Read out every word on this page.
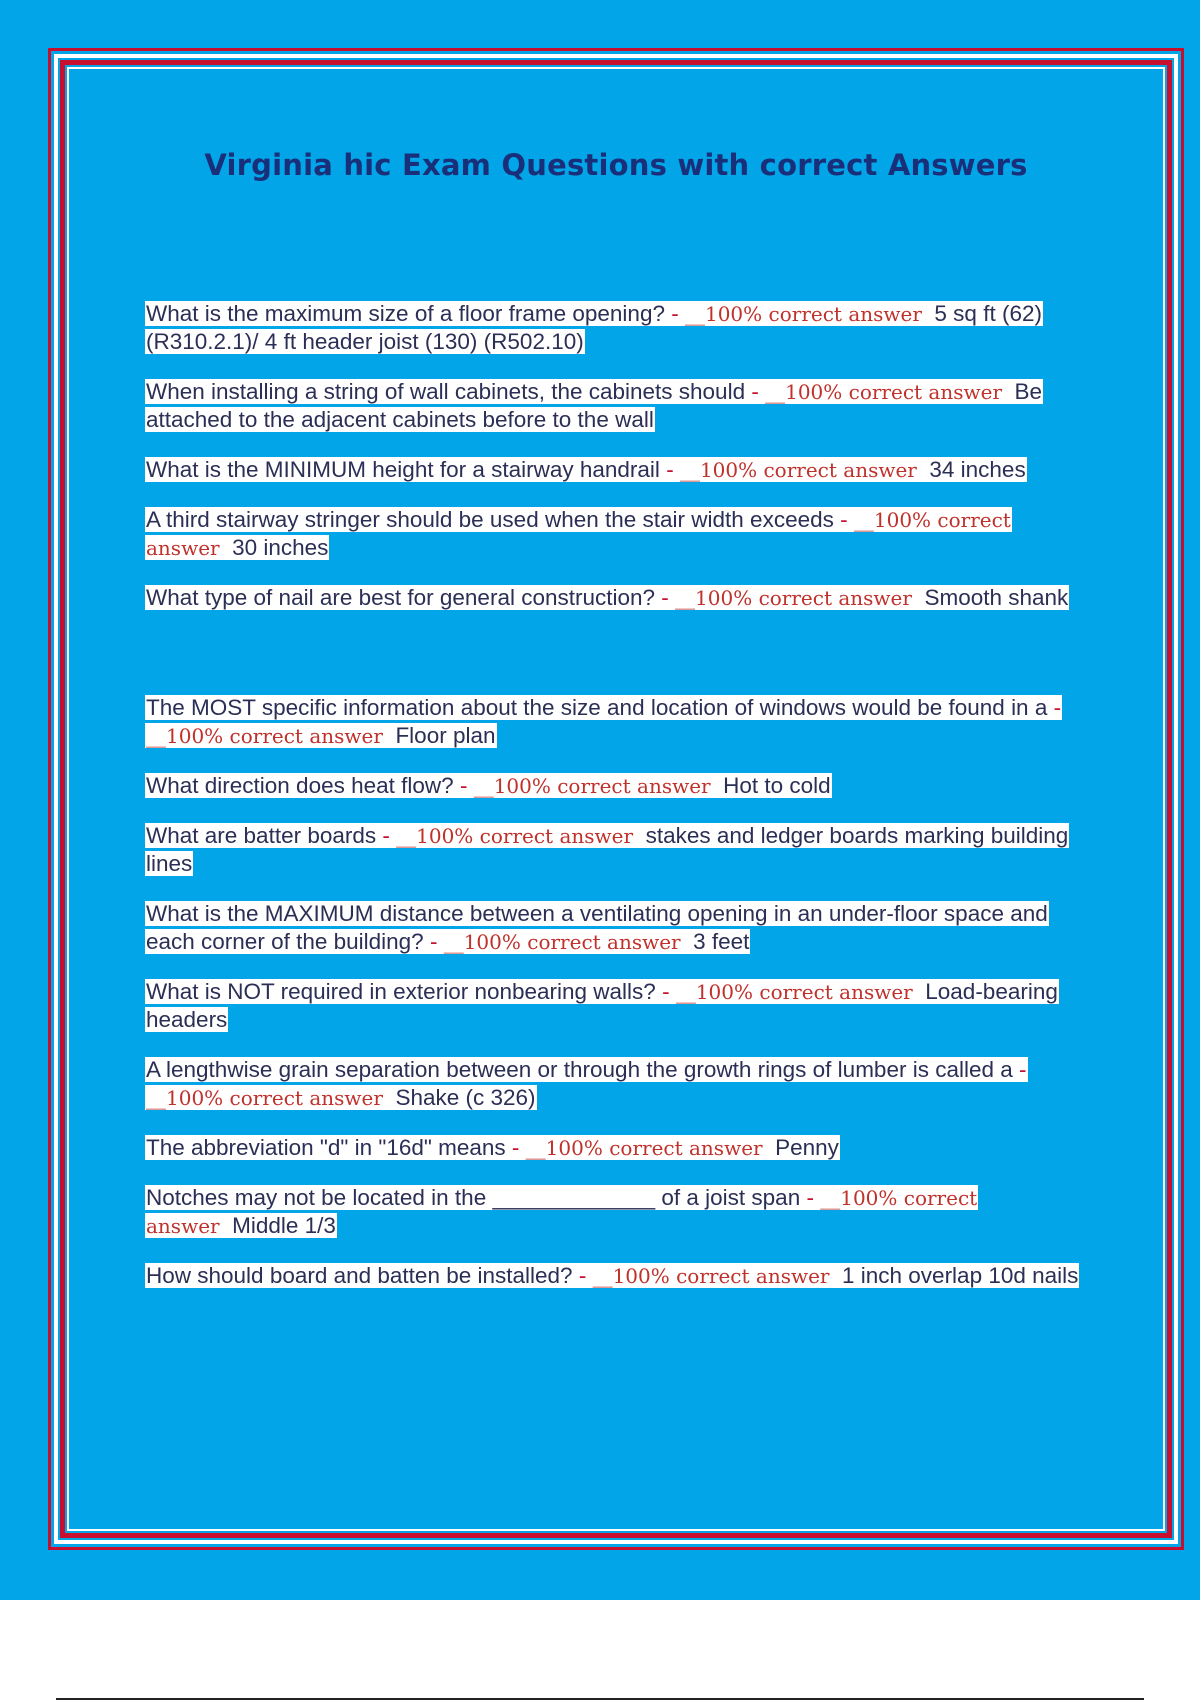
Virginia hic Exam Questions with correct Answers
What is the maximum size of a floor frame opening? - __100% correct answer 5 sq ft (62) (R310.2.1)/ 4 ft header joist (130) (R502.10)
When installing a string of wall cabinets, the cabinets should - __100% correct answer Be attached to the adjacent cabinets before to the wall
What is the MINIMUM height for a stairway handrail - __100% correct answer 34 inches
A third stairway stringer should be used when the stair width exceeds - __100% correct answer 30 inches
What type of nail are best for general construction? - __100% correct answer Smooth shank
The MOST specific information about the size and location of windows would be found in a - __100% correct answer Floor plan
What direction does heat flow? - __100% correct answer Hot to cold
What are batter boards - __100% correct answer stakes and ledger boards marking building lines
What is the MAXIMUM distance between a ventilating opening in an under-floor space and each corner of the building? - __100% correct answer 3 feet
What is NOT required in exterior nonbearing walls? - __100% correct answer Load-bearing headers
A lengthwise grain separation between or through the growth rings of lumber is called a - __100% correct answer Shake (c 326)
The abbreviation "d" in "16d" means - __100% correct answer Penny
Notches may not be located in the _____________ of a joist span - __100% correct answer Middle 1/3
How should board and batten be installed? - __100% correct answer 1 inch overlap 10d nails
